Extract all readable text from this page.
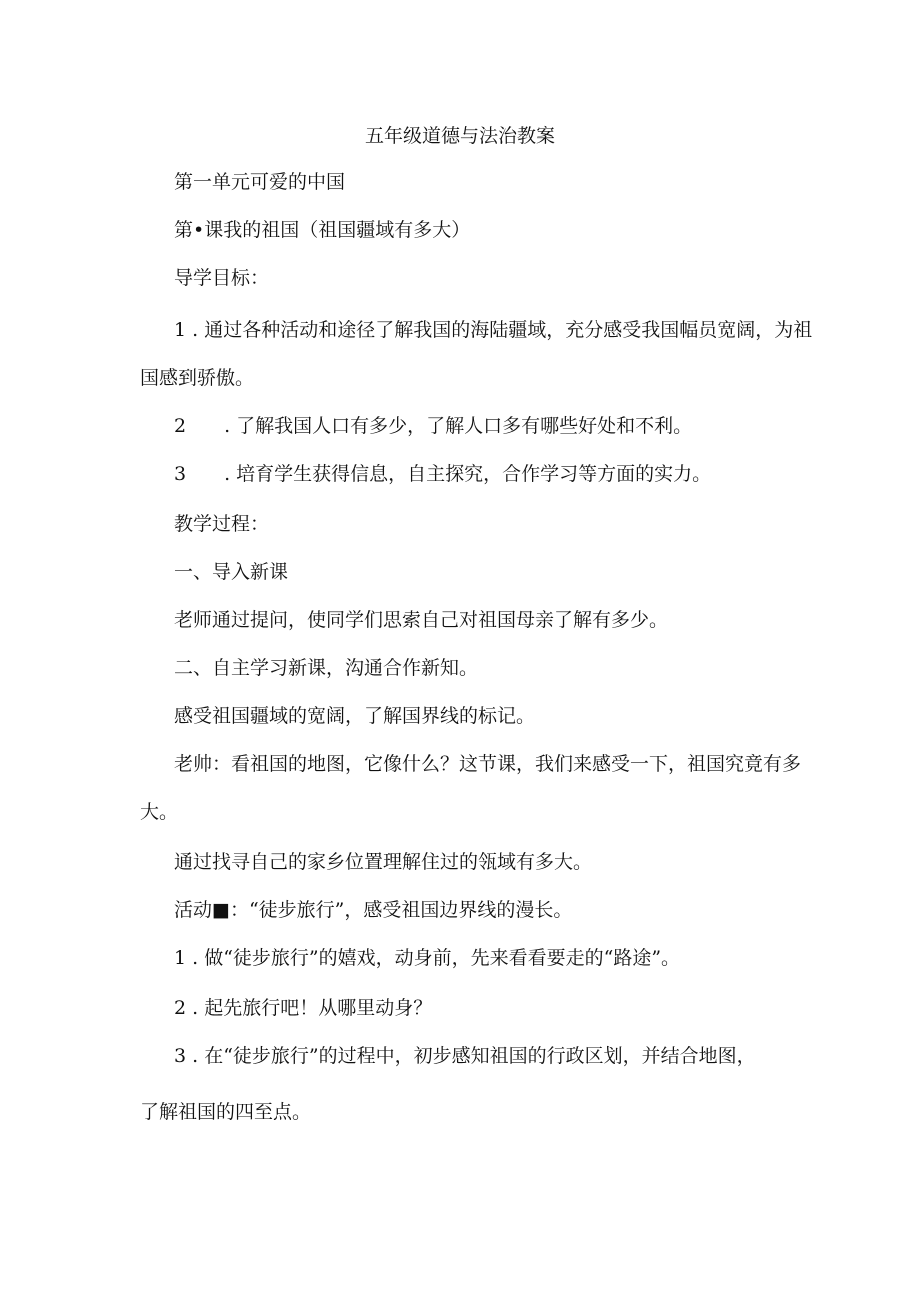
五年级道德与法治教案

第一单元可爱的中国

第•课我的祖国（祖国疆域有多大）

导学目标：

1 . 通过各种活动和途径了解我国的海陆疆域，充分感受我国幅员宽阔，为祖

国感到骄傲。

2　　. 了解我国人口有多少，了解人口多有哪些好处和不利。

3　　. 培育学生获得信息，自主探究，合作学习等方面的实力。

教学过程：

一、导入新课

老师通过提问，使同学们思索自己对祖国母亲了解有多少。

二、自主学习新课，沟通合作新知。

感受祖国疆域的宽阔，了解国界线的标记。

老帅：看祖国的地图，它像什么？这节课，我们来感受一下，祖国究竟有多

大。

通过找寻自己的家乡位置理解住过的瓴域有多大。

活动■：“徒步旅行”，感受祖国边界线的漫长。

1 . 做“徒步旅行”的嬉戏，动身前，先来看看要走的“路途”。

2 . 起先旅行吧！从哪里动身？

3 . 在“徒步旅行”的过程中，初步感知祖国的行政区划，并结合地图，

了解祖国的四至点。
